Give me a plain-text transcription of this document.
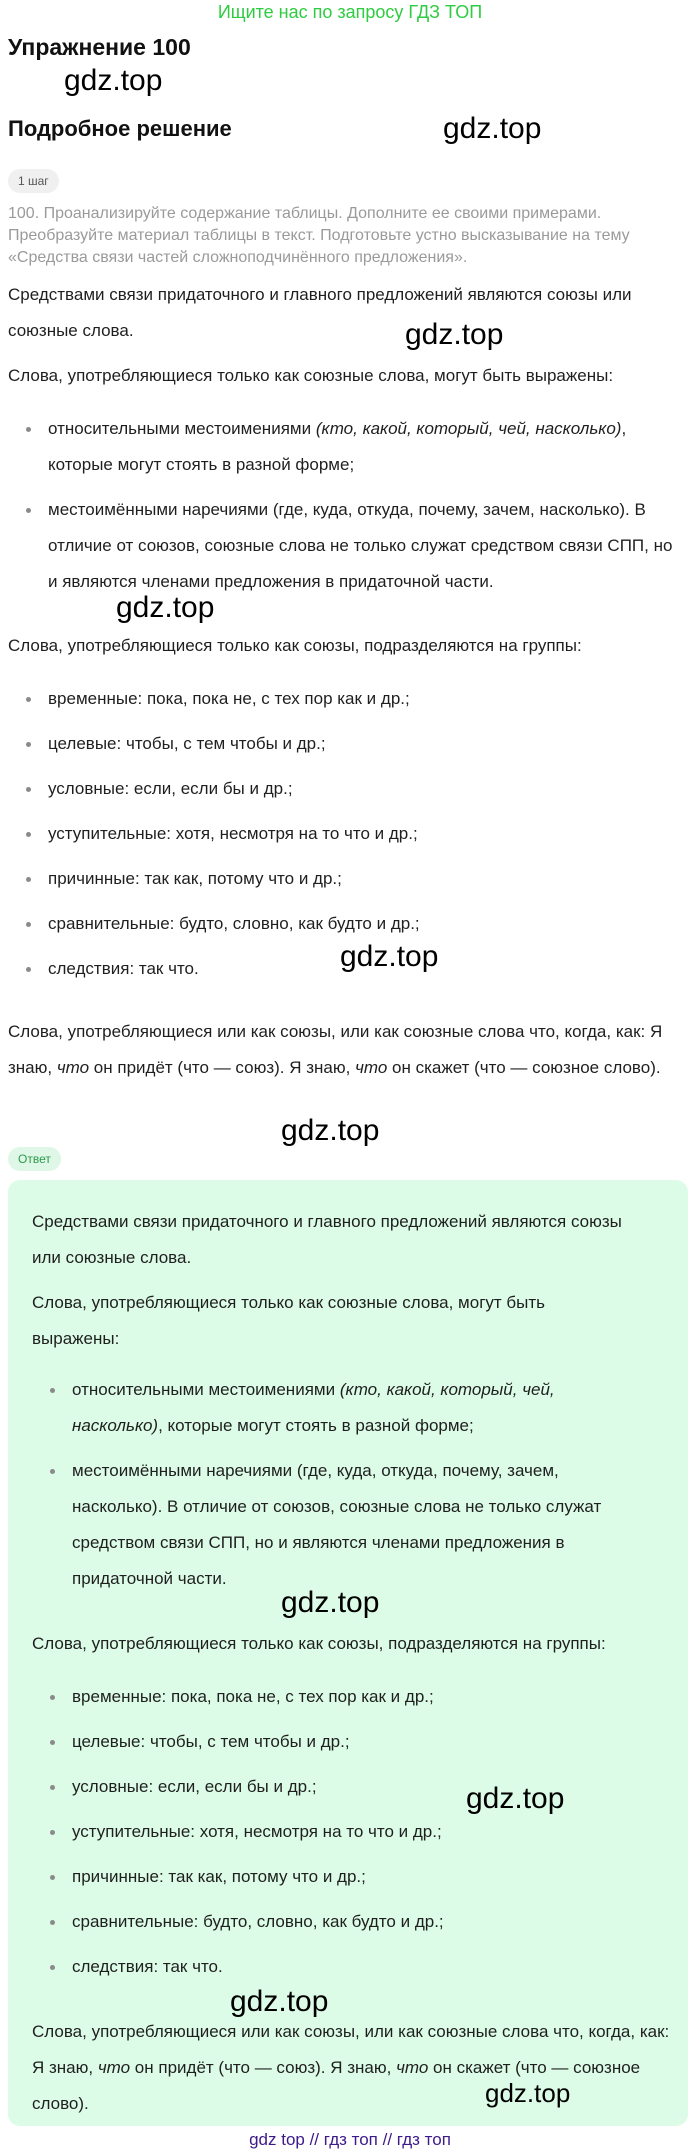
Ищите нас по запросу ГДЗ ТОП
Упражнение 100
gdz.top
Подробное решение	gdz.top
1 шаг
100. Проанализируйте содержание таблицы. Дополните ее своими примерами. Преобразуйте материал таблицы в текст. Подготовьте устно высказывание на тему «Средства связи частей сложноподчинённого предложения».

Средствами связи придаточного и главного предложений являются союзы или союзные слова.	gdz.top

Слова, употребляющиеся только как союзные слова, могут быть выражены:

относительными местоимениями (кто, какой, который, чей, насколько), которые могут стоять в разной форме;
местоимёнными наречиями (где, куда, откуда, почему, зачем, насколько). В отличие от союзов, союзные слова не только служат средством связи СПП, но и являются членами предложения в придаточной части.
gdz.top

Слова, употребляющиеся только как союзы, подразделяются на группы:

временные: пока, пока не, с тех пор как и др.;
целевые: чтобы, с тем чтобы и др.;
условные: если, если бы и др.;
уступительные: хотя, несмотря на то что и др.;
причинные: так как, потому что и др.;
сравнительные: будто, словно, как будто и др.;
следствия: так что.	gdz.top

Слова, употребляющиеся или как союзы, или как союзные слова что, когда, как: Я знаю, что он придёт (что — союз). Я знаю, что он скажет (что — союзное слово).

gdz.top
Ответ

Средствами связи придаточного и главного предложений являются союзы или союзные слова.

Слова, употребляющиеся только как союзные слова, могут быть выражены:

относительными местоимениями (кто, какой, который, чей, насколько), которые могут стоять в разной форме;
местоимёнными наречиями (где, куда, откуда, почему, зачем, насколько). В отличие от союзов, союзные слова не только служат средством связи СПП, но и являются членами предложения в придаточной части.
gdz.top

Слова, употребляющиеся только как союзы, подразделяются на группы:

временные: пока, пока не, с тех пор как и др.;
целевые: чтобы, с тем чтобы и др.;
условные: если, если бы и др.;
уступительные: хотя, несмотря на то что и др.;
причинные: так как, потому что и др.;
сравнительные: будто, словно, как будто и др.;
следствия: так что.
gdz.top
gdz.top

Слова, употребляющиеся или как союзы, или как союзные слова что, когда, как: Я знаю, что он придёт (что — союз). Я знаю, что он скажет (что — союзное слово).	gdz.top
gdz top // гдз топ // гдз топ
